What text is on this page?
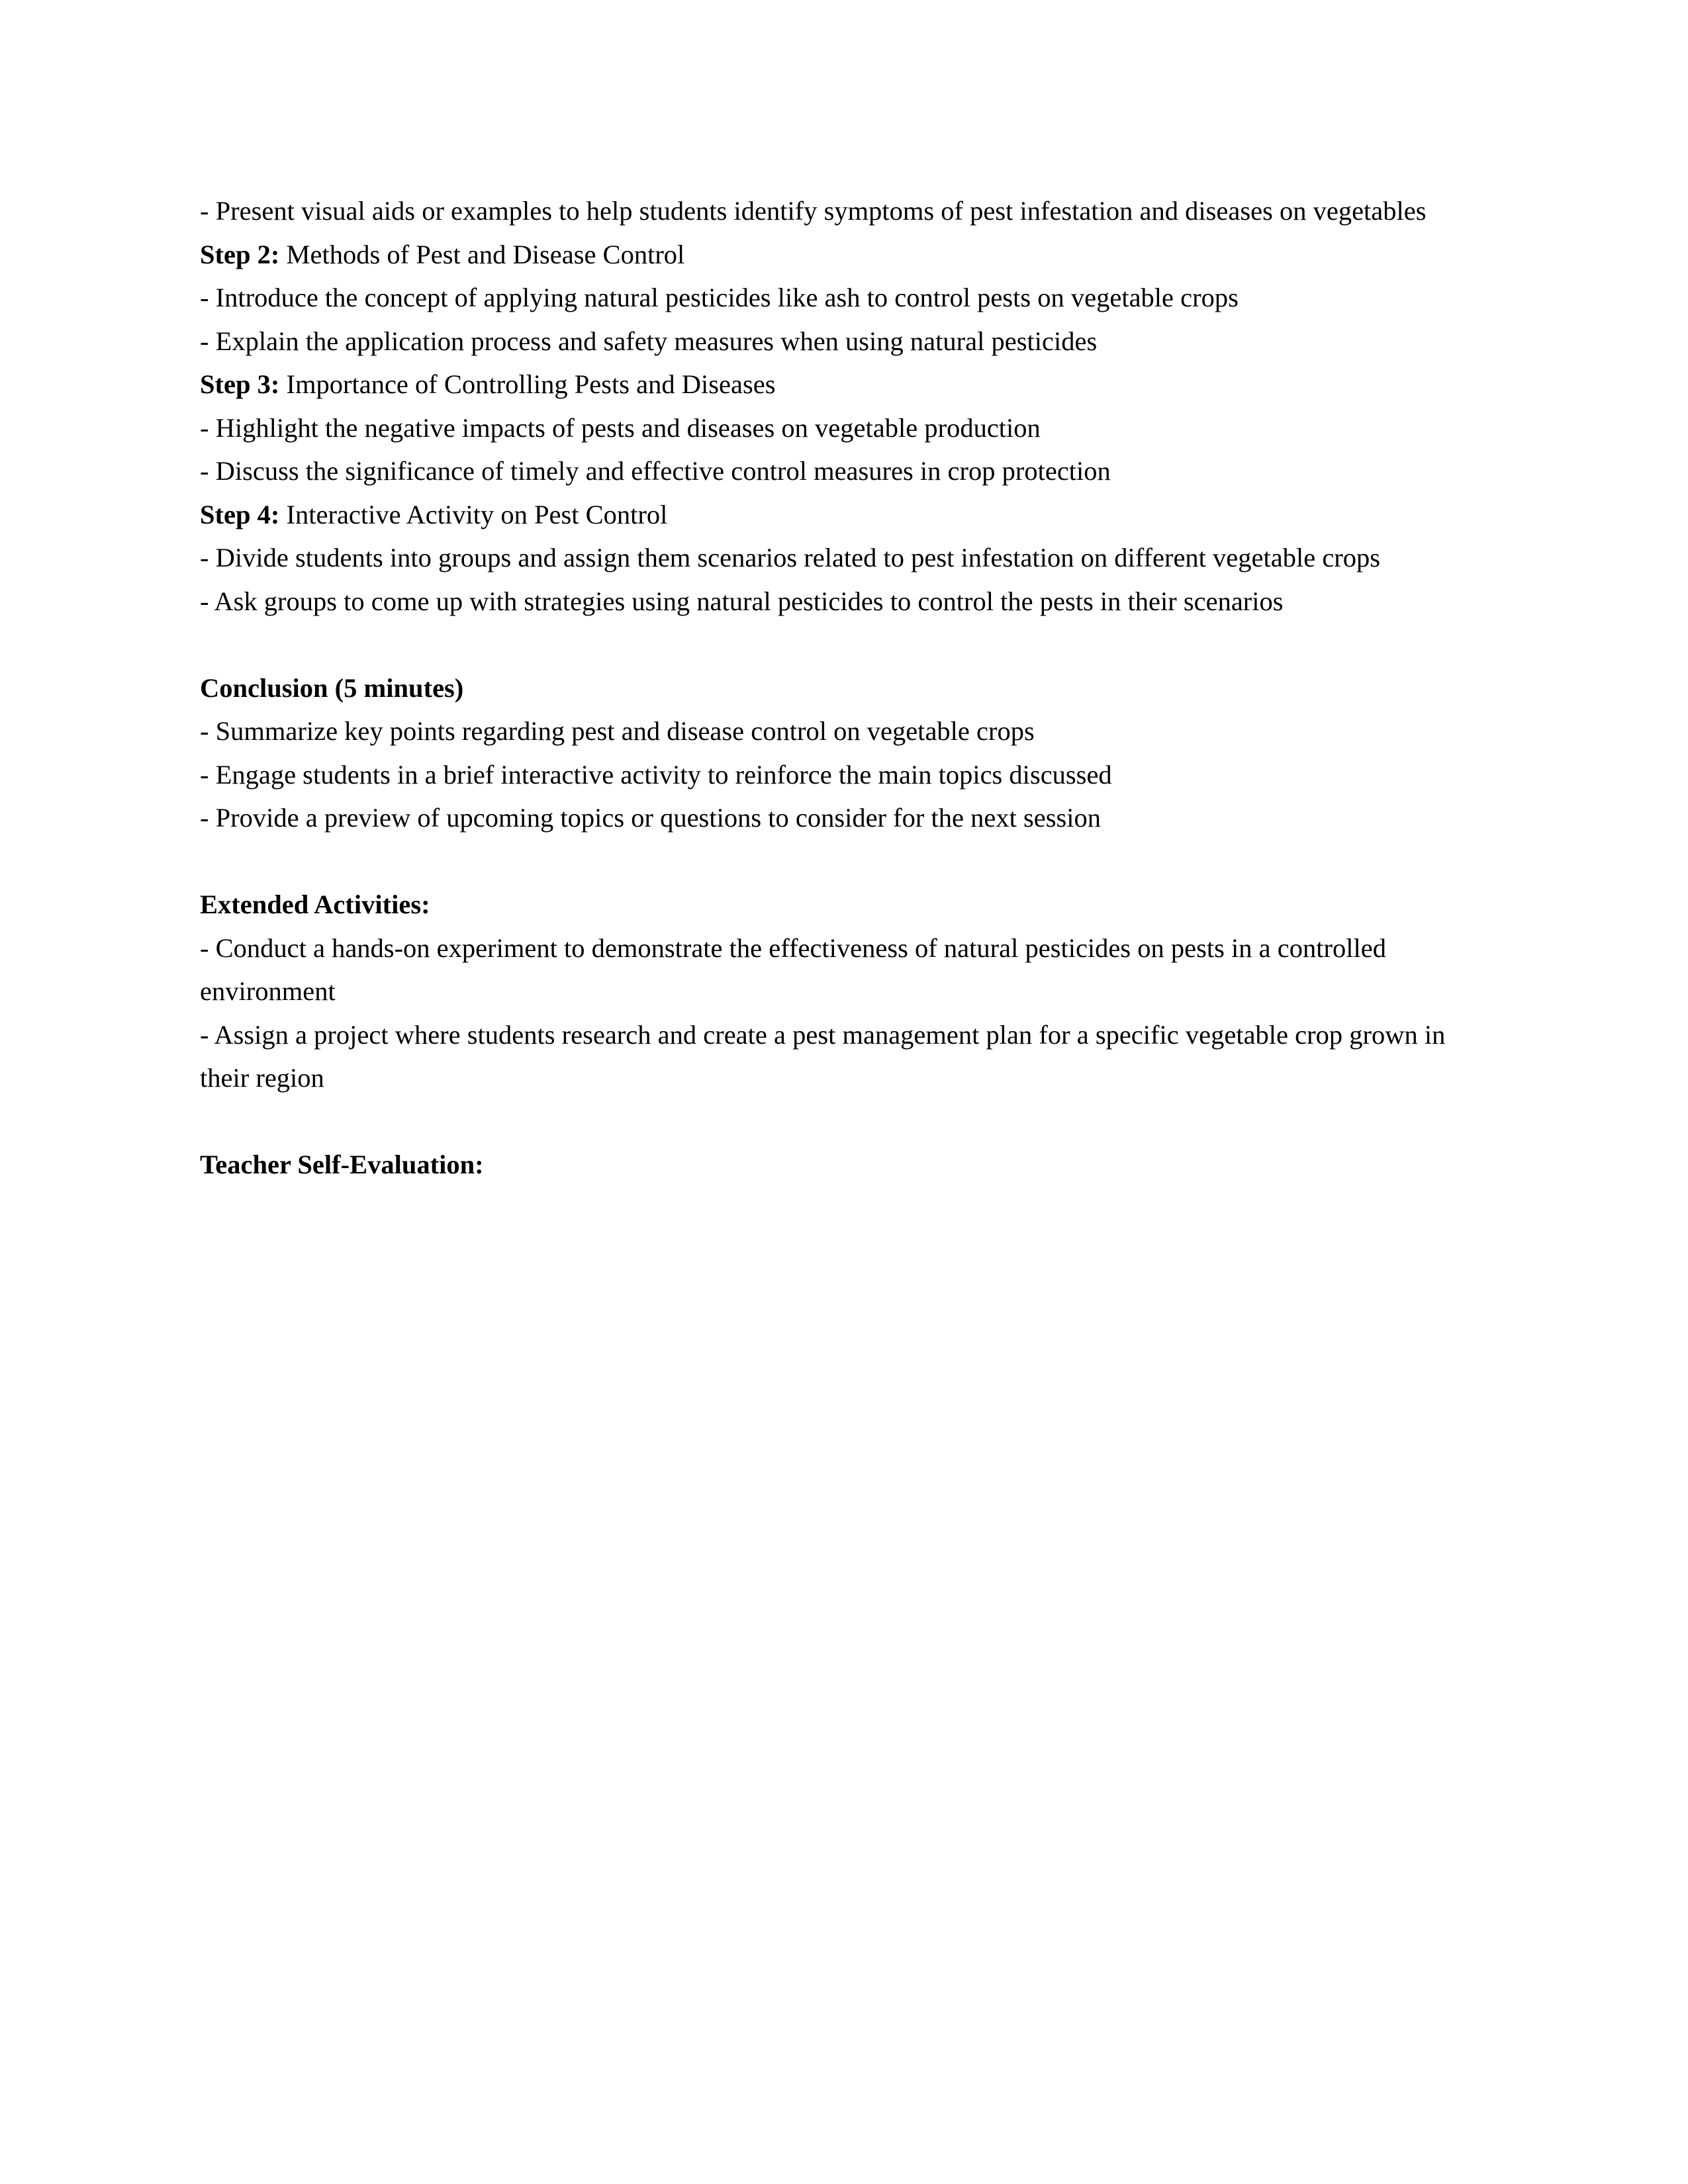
- Present visual aids or examples to help students identify symptoms of pest infestation and diseases on vegetables
Step 2: Methods of Pest and Disease Control
- Introduce the concept of applying natural pesticides like ash to control pests on vegetable crops
- Explain the application process and safety measures when using natural pesticides
Step 3: Importance of Controlling Pests and Diseases
- Highlight the negative impacts of pests and diseases on vegetable production
- Discuss the significance of timely and effective control measures in crop protection
Step 4: Interactive Activity on Pest Control
- Divide students into groups and assign them scenarios related to pest infestation on different vegetable crops
- Ask groups to come up with strategies using natural pesticides to control the pests in their scenarios
Conclusion (5 minutes)
- Summarize key points regarding pest and disease control on vegetable crops
- Engage students in a brief interactive activity to reinforce the main topics discussed
- Provide a preview of upcoming topics or questions to consider for the next session
Extended Activities:
- Conduct a hands-on experiment to demonstrate the effectiveness of natural pesticides on pests in a controlled environment
- Assign a project where students research and create a pest management plan for a specific vegetable crop grown in their region
Teacher Self-Evaluation:
